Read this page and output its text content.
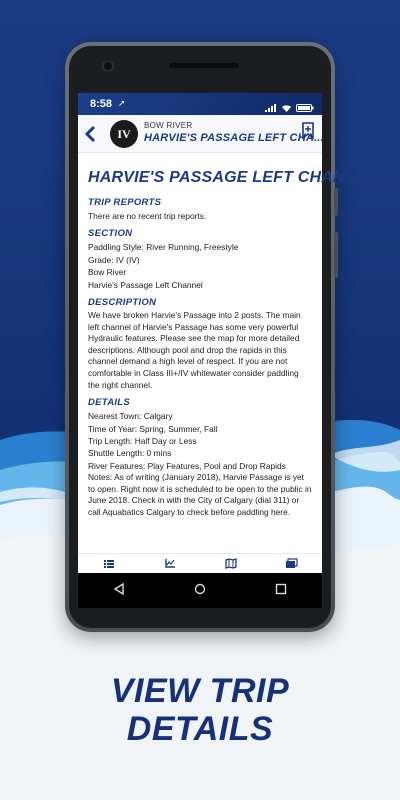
8:58 ➚
IV
BOW RIVER
HARVIE'S PASSAGE LEFT CHA...
HARVIE'S PASSAGE LEFT CHAN...
TRIP REPORTS
There are no recent trip reports.
SECTION
Paddling Style: River Running, Freestyle
Grade: IV (IV)
Bow River
Harvie's Passage Left Channel
DESCRIPTION
We have broken Harvie's Passage into 2 posts. The main left channel of Harvie's Passage has some very powerful Hydraulic features. Please see the map for more detailed descriptions. Although pool and drop the rapids in this channel demand a high level of respect. If you are not comfortable in Class III+/IV whitewater consider paddling the right channel.
DETAILS
Nearest Town: Calgary
Time of Year: Spring, Summer, Fall
Trip Length: Half Day or Less
Shuttle Length: 0 mins
River Features: Play Features, Pool and Drop Rapids
Notes: As of writing (January 2018), Harvie Passage is yet to open. Right now it is scheduled to be open to the public in June 2018. Check in with the City of Calgary (dial 311) or call Aquabatics Calgary to check before paddling here.
VIEW TRIP
DETAILS
